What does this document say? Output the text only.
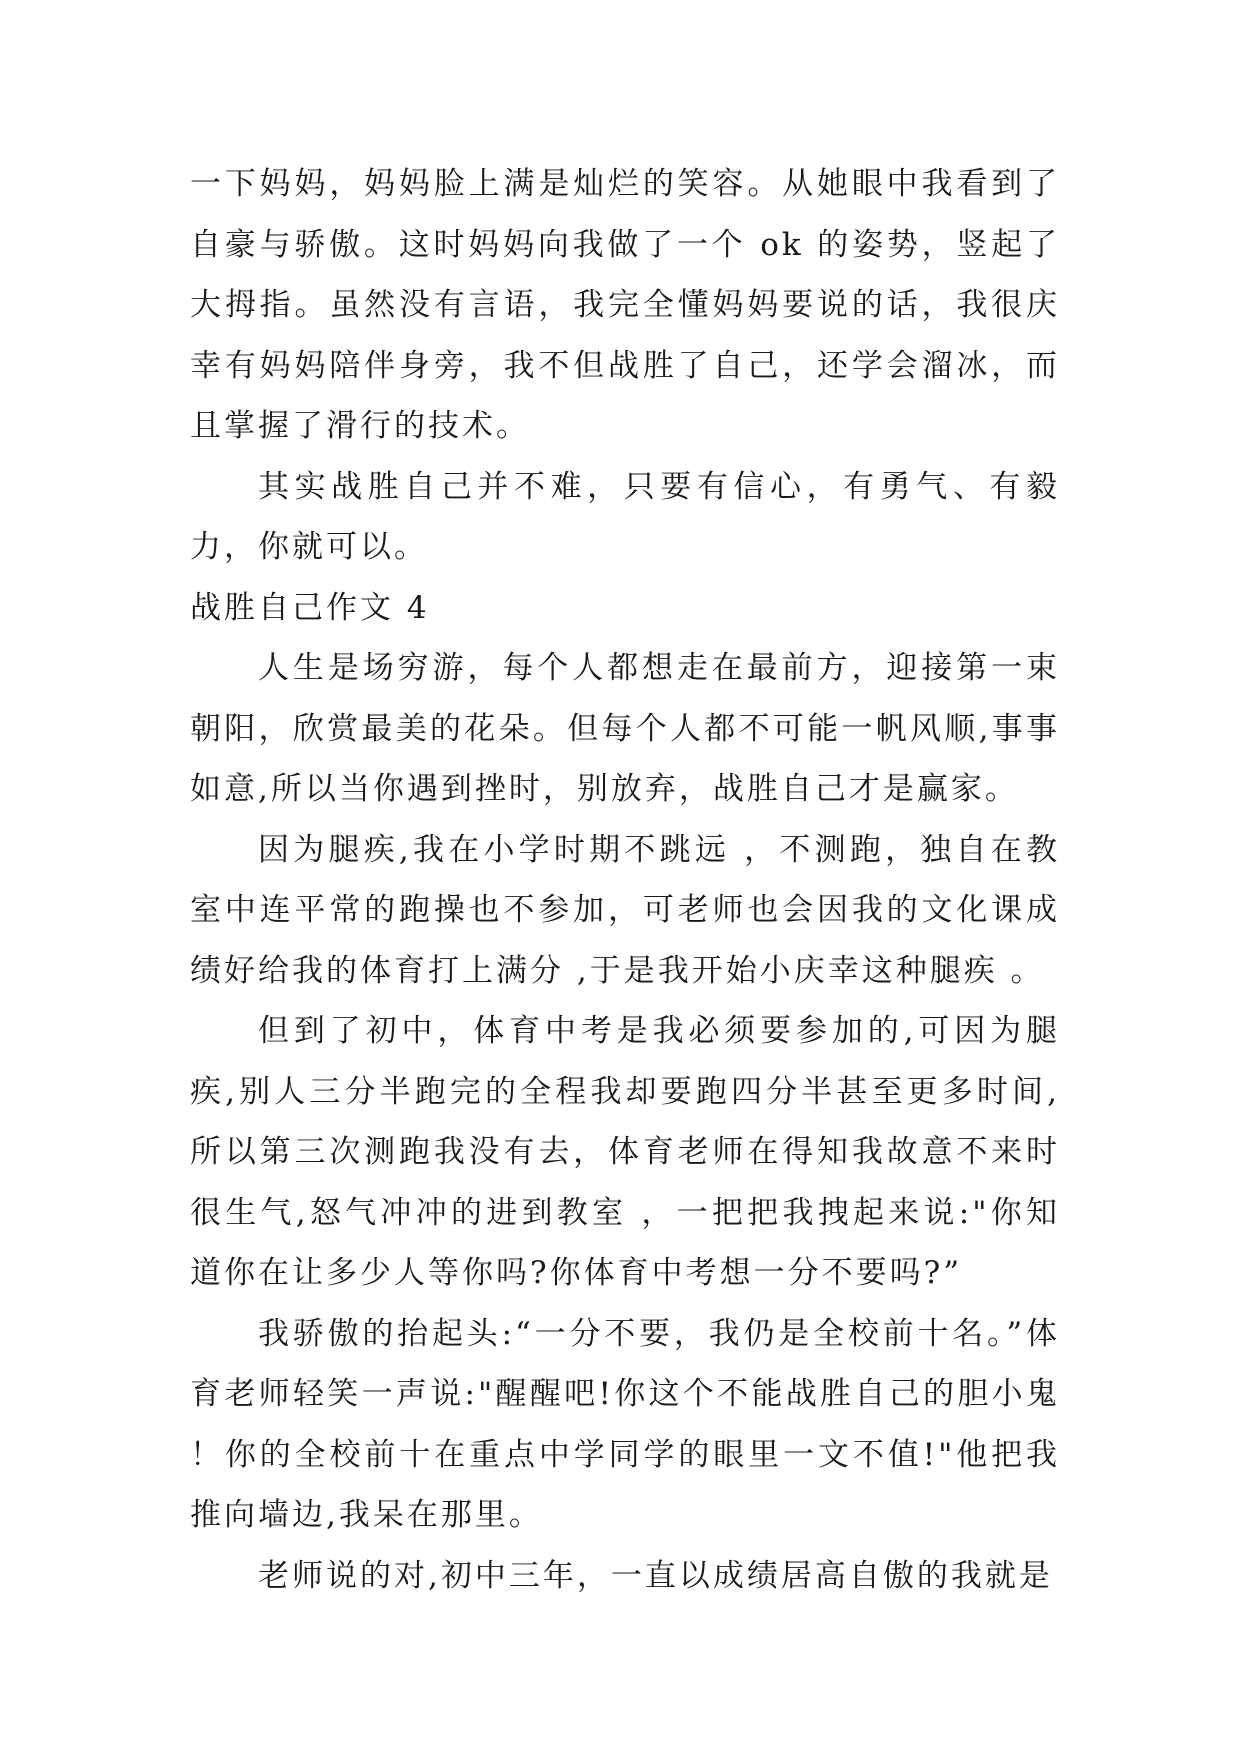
一下妈妈，妈妈脸上满是灿烂的笑容。从她眼中我看到了自豪与骄傲。这时妈妈向我做了一个 ok 的姿势，竖起了大拇指。虽然没有言语，我完全懂妈妈要说的话，我很庆幸有妈妈陪伴身旁，我不但战胜了自己，还学会溜冰，而且掌握了滑行的技术。

其实战胜自己并不难，只要有信心，有勇气、有毅力，你就可以。

战胜自己作文 4

人生是场穷游，每个人都想走在最前方，迎接第一束朝阳，欣赏最美的花朵。但每个人都不可能一帆风顺,事事如意,所以当你遇到挫时，别放弃，战胜自己才是赢家。

因为腿疾,我在小学时期不跳远 ，不测跑，独自在教室中连平常的跑操也不参加，可老师也会因我的文化课成绩好给我的体育打上满分 ,于是我开始小庆幸这种腿疾 。

但到了初中，体育中考是我必须要参加的,可因为腿疾,别人三分半跑完的全程我却要跑四分半甚至更多时间,所以第三次测跑我没有去，体育老师在得知我故意不来时很生气,怒气冲冲的进到教室 ，一把把我拽起来说:"你知道你在让多少人等你吗?你体育中考想一分不要吗?”

我骄傲的抬起头:“一分不要，我仍是全校前十名。”体育老师轻笑一声说:"醒醒吧!你这个不能战胜自己的胆小鬼 ！你的全校前十在重点中学同学的眼里一文不值!"他把我推向墙边,我呆在那里。

老师说的对,初中三年，一直以成绩居高自傲的我就是
